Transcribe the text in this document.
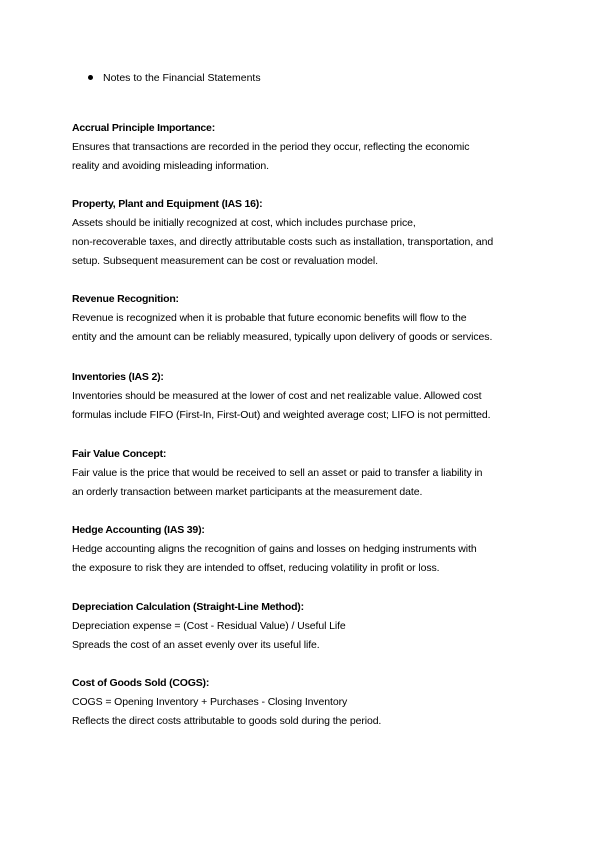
Notes to the Financial Statements

Accrual Principle Importance:

Ensures that transactions are recorded in the period they occur, reflecting the economic

reality and avoiding misleading information.

Property, Plant and Equipment (IAS 16):

Assets should be initially recognized at cost, which includes purchase price,

non-recoverable taxes, and directly attributable costs such as installation, transportation, and

setup. Subsequent measurement can be cost or revaluation model.

Revenue Recognition:

Revenue is recognized when it is probable that future economic benefits will flow to the

entity and the amount can be reliably measured, typically upon delivery of goods or services.

Inventories (IAS 2):

Inventories should be measured at the lower of cost and net realizable value. Allowed cost

formulas include FIFO (First-In, First-Out) and weighted average cost; LIFO is not permitted.

Fair Value Concept:

Fair value is the price that would be received to sell an asset or paid to transfer a liability in

an orderly transaction between market participants at the measurement date.

Hedge Accounting (IAS 39):

Hedge accounting aligns the recognition of gains and losses on hedging instruments with

the exposure to risk they are intended to offset, reducing volatility in profit or loss.

Depreciation Calculation (Straight-Line Method):

Depreciation expense = (Cost - Residual Value) / Useful Life

Spreads the cost of an asset evenly over its useful life.

Cost of Goods Sold (COGS):

COGS = Opening Inventory + Purchases - Closing Inventory

Reflects the direct costs attributable to goods sold during the period.
